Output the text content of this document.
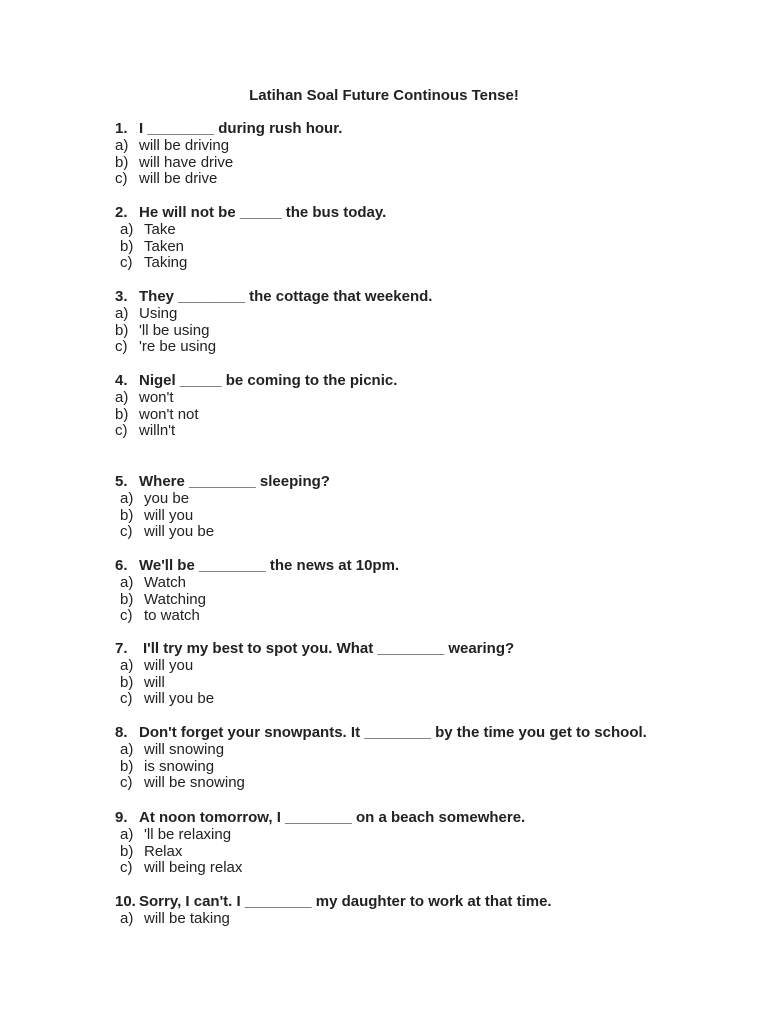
Latihan Soal Future Continous Tense!
1. I ________ during rush hour.
a) will be driving
b) will have drive
c) will be drive
2. He will not be _____ the bus today.
a) Take
b) Taken
c) Taking
3. They ________ the cottage that weekend.
a) Using
b) 'll be using
c) 're be using
4. Nigel _____ be coming to the picnic.
a) won't
b) won't not
c) willn't
5. Where ________ sleeping?
a) you be
b) will you
c) will you be
6. We'll be ________ the news at 10pm.
a) Watch
b) Watching
c) to watch
7. I'll try my best to spot you. What ________ wearing?
a) will you
b) will
c) will you be
8. Don't forget your snowpants. It ________ by the time you get to school.
a) will snowing
b) is snowing
c) will be snowing
9. At noon tomorrow, I ________ on a beach somewhere.
a) 'll be relaxing
b) Relax
c) will being relax
10. Sorry, I can't. I ________ my daughter to work at that time.
a) will be taking
